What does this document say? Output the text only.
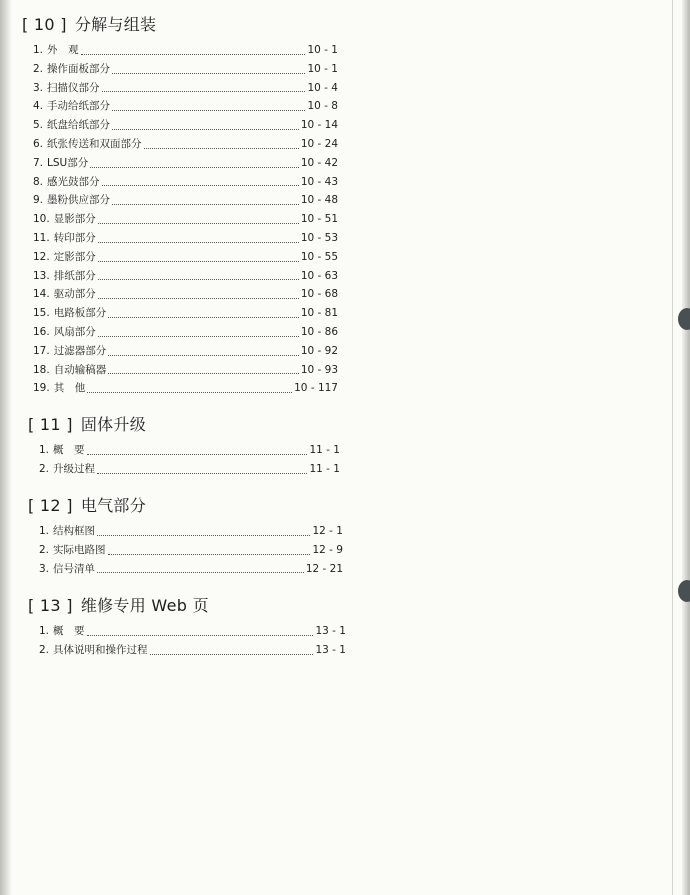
[ 10 ] 分解与组装
1. 外　观	10 - 1
2. 操作面板部分	10 - 1
3. 扫描仪部分	10 - 4
4. 手动给纸部分	10 - 8
5. 纸盘给纸部分	10 - 14
6. 纸张传送和双面部分	10 - 24
7. LSU部分	10 - 42
8. 感光鼓部分	10 - 43
9. 墨粉供应部分	10 - 48
10. 显影部分	10 - 51
11. 转印部分	10 - 53
12. 定影部分	10 - 55
13. 排纸部分	10 - 63
14. 驱动部分	10 - 68
15. 电路板部分	10 - 81
16. 风扇部分	10 - 86
17. 过滤器部分	10 - 92
18. 自动输稿器	10 - 93
19. 其　他	10 - 117
[ 11 ] 固体升级
1. 概　要	11 - 1
2. 升级过程	11 - 1
[ 12 ] 电气部分
1. 结构框图	12 - 1
2. 实际电路图	12 - 9
3. 信号清单	12 - 21
[ 13 ] 维修专用 Web 页
1. 概　要	13 - 1
2. 具体说明和操作过程	13 - 1
